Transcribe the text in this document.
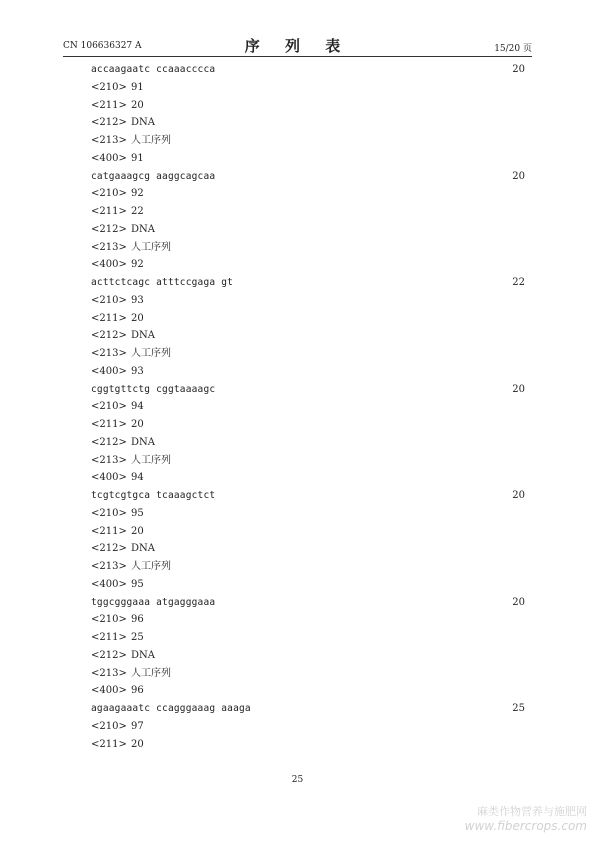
CN 106636327 A	序 列 表	15/20 页
accaagaatc ccaaacccca	20
<210> 91
<211> 20
<212> DNA
<213> 人工序列
<400> 91
catgaaagcg aaggcagcaa	20
<210> 92
<211> 22
<212> DNA
<213> 人工序列
<400> 92
acttctcagc atttccgaga gt	22
<210> 93
<211> 20
<212> DNA
<213> 人工序列
<400> 93
cggtgttctg cggtaaaagc	20
<210> 94
<211> 20
<212> DNA
<213> 人工序列
<400> 94
tcgtcgtgca tcaaagctct	20
<210> 95
<211> 20
<212> DNA
<213> 人工序列
<400> 95
tggcgggaaa atgagggaaa	20
<210> 96
<211> 25
<212> DNA
<213> 人工序列
<400> 96
agaagaaatc ccagggaaag aaaga	25
<210> 97
<211> 20
25
麻类作物营养与施肥网
www.fibercrops.com
